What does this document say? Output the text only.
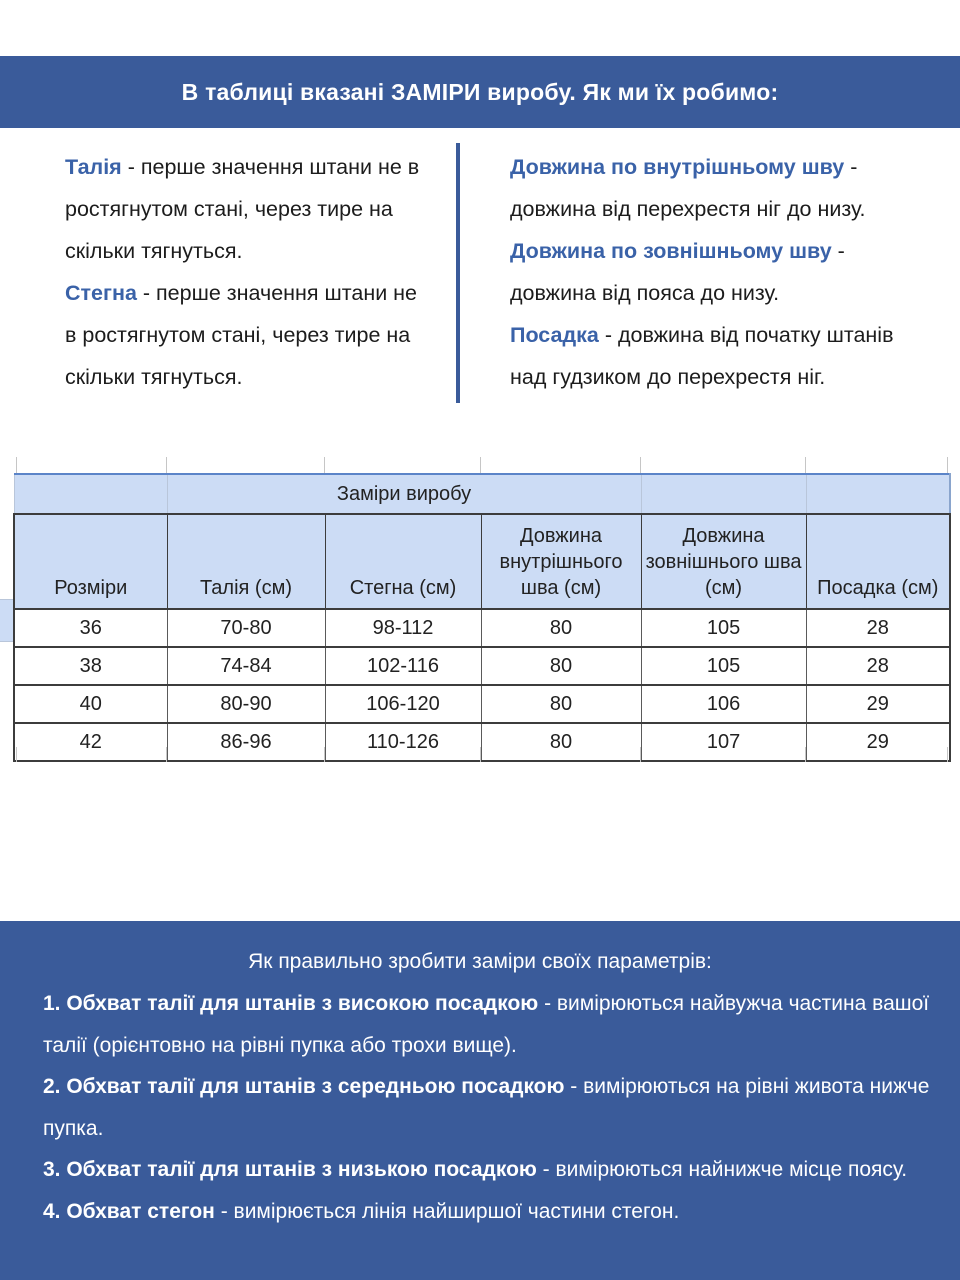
В таблиці вказані ЗАМІРИ виробу. Як ми їх робимо:

Талія - перше значення штани не в ростягнутом стані, через тире на скільки тягнуться.

Стегна - перше значення штани не в ростягнутом стані, через тире на скільки тягнуться.

Довжина по внутрішньому шву - довжина від перехрестя ніг до низу.

Довжина по зовнішньому шву - довжина від пояса до низу.

Посадка - довжина від початку штанів над гудзиком до перехрестя ніг.

	Заміри виробу				
Розміри	Талія (см)	Стегна (см)	Довжина внутрішнього шва (см)	Довжина зовнішнього шва (см)	Посадка (см)
36	70-80	98-112	80	105	28
38	74-84	102-116	80	105	28
40	80-90	106-120	80	106	29
42	86-96	110-126	80	107	29

Як правильно зробити заміри своїх параметрів:

1. Обхват талії для штанів з високою посадкою - вимірюються найвужча частина вашої талії (орієнтовно на рівні пупка або трохи вище).

2. Обхват талії для штанів з середньою посадкою - вимірюються на рівні живота нижче пупка.

3. Обхват талії для штанів з низькою посадкою - вимірюються найнижче місце поясу.

4. Обхват стегон - вимірюється лінія найширшої частини стегон.
